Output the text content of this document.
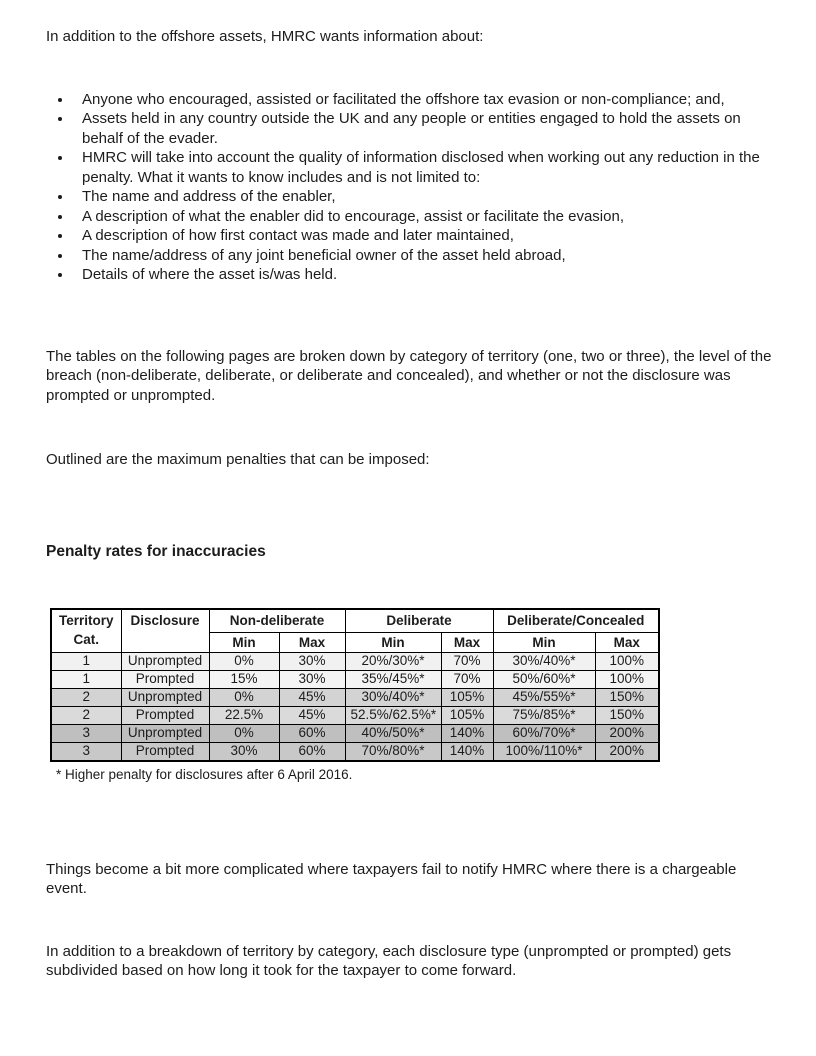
In addition to the offshore assets, HMRC wants information about:

• Anyone who encouraged, assisted or facilitated the offshore tax evasion or non-compliance; and,
• Assets held in any country outside the UK and any people or entities engaged to hold the assets on behalf of the evader.
• HMRC will take into account the quality of information disclosed when working out any reduction in the penalty. What it wants to know includes and is not limited to:
• The name and address of the enabler,
• A description of what the enabler did to encourage, assist or facilitate the evasion,
• A description of how first contact was made and later maintained,
• The name/address of any joint beneficial owner of the asset held abroad,
• Details of where the asset is/was held.

The tables on the following pages are broken down by category of territory (one, two or three), the level of the breach (non-deliberate, deliberate, or deliberate and concealed), and whether or not the disclosure was prompted or unprompted.

Outlined are the maximum penalties that can be imposed:

Penalty rates for inaccuracies
Territory
Cat.	Disclosure	Non-deliberate		Deliberate		Deliberate/Concealed	
		Min	Max	Min	Max	Min	Max
1	Unprompted	0%	30%	20%/30%*	70%	30%/40%*	100%
1	Prompted	15%	30%	35%/45%*	70%	50%/60%*	100%
2	Unprompted	0%	45%	30%/40%*	105%	45%/55%*	150%
2	Prompted	22.5%	45%	52.5%/62.5%*	105%	75%/85%*	150%
3	Unprompted	0%	60%	40%/50%*	140%	60%/70%*	200%
3	Prompted	30%	60%	70%/80%*	140%	100%/110%*	200%

* Higher penalty for disclosures after 6 April 2016.

Things become a bit more complicated where taxpayers fail to notify HMRC where there is a chargeable event.

In addition to a breakdown of territory by category, each disclosure type (unprompted or prompted) gets subdivided based on how long it took for the taxpayer to come forward.
